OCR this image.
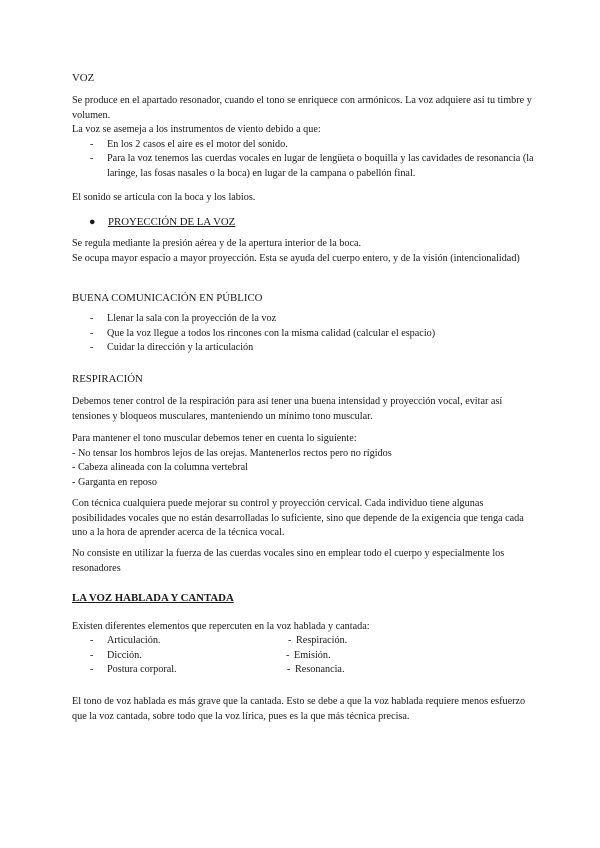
VOZ

Se produce en el apartado resonador, cuando el tono se enriquece con armónicos. La voz adquiere así tu timbre y volumen.

La voz se asemeja a los instrumentos de viento debido a que:

- En los 2 casos el aire es el motor del sonido.

- Para la voz tenemos las cuerdas vocales en lugar de lengüeta o boquilla y las cavidades de resonancia (la laringe, las fosas nasales o la boca) en lugar de la campana o pabellón final.

El sonido se articula con la boca y los labios.
● PROYECCIÓN DE LA VOZ

Se regula mediante la presión aérea y de la apertura interior de la boca.

Se ocupa mayor espacio a mayor proyección. Esta se ayuda del cuerpo entero, y de la visión (intencionalidad)

BUENA COMUNICACIÓN EN PÚBLICO

- Llenar la sala con la proyección de la voz

- Que la voz llegue a todos los rincones con la misma calidad (calcular el espacio)

- Cuidar la dirección y la articulación

RESPIRACIÓN
Debemos tener control de la respiración para así tener una buena intensidad y proyección vocal, evitar así tensiones y bloqueos musculares, manteniendo un mínimo tono muscular.

Para mantener el tono muscular debemos tener en cuenta lo siguiente:

- No tensar los hombros lejos de las orejas. Mantenerlos rectos pero no rígidos

- Cabeza alineada con la columna vertebral

- Garganta en reposo

Con técnica cualquiera puede mejorar su control y proyección cervical. Cada individuo tiene algunas posibilidades vocales que no están desarrolladas lo suficiente, sino que depende de la exigencia que tenga cada uno a la hora de aprender acerca de la técnica vocal.
No consiste en utilizar la fuerza de las cuerdas vocales sino en emplear todo el cuerpo y especialmente los resonadores
LA VOZ HABLADA Y CANTADA
Existen diferentes elementos que repercuten en la voz hablada y cantada:

- Articulación.	- Respiración.

- Dicción.	- Emisión.

- Postura corporal.	- Resonancia.
El tono de voz hablada es más grave que la cantada. Esto se debe a que la voz hablada requiere menos esfuerzo que la voz cantada, sobre todo que la voz lírica, pues es la que más técnica precisa.
